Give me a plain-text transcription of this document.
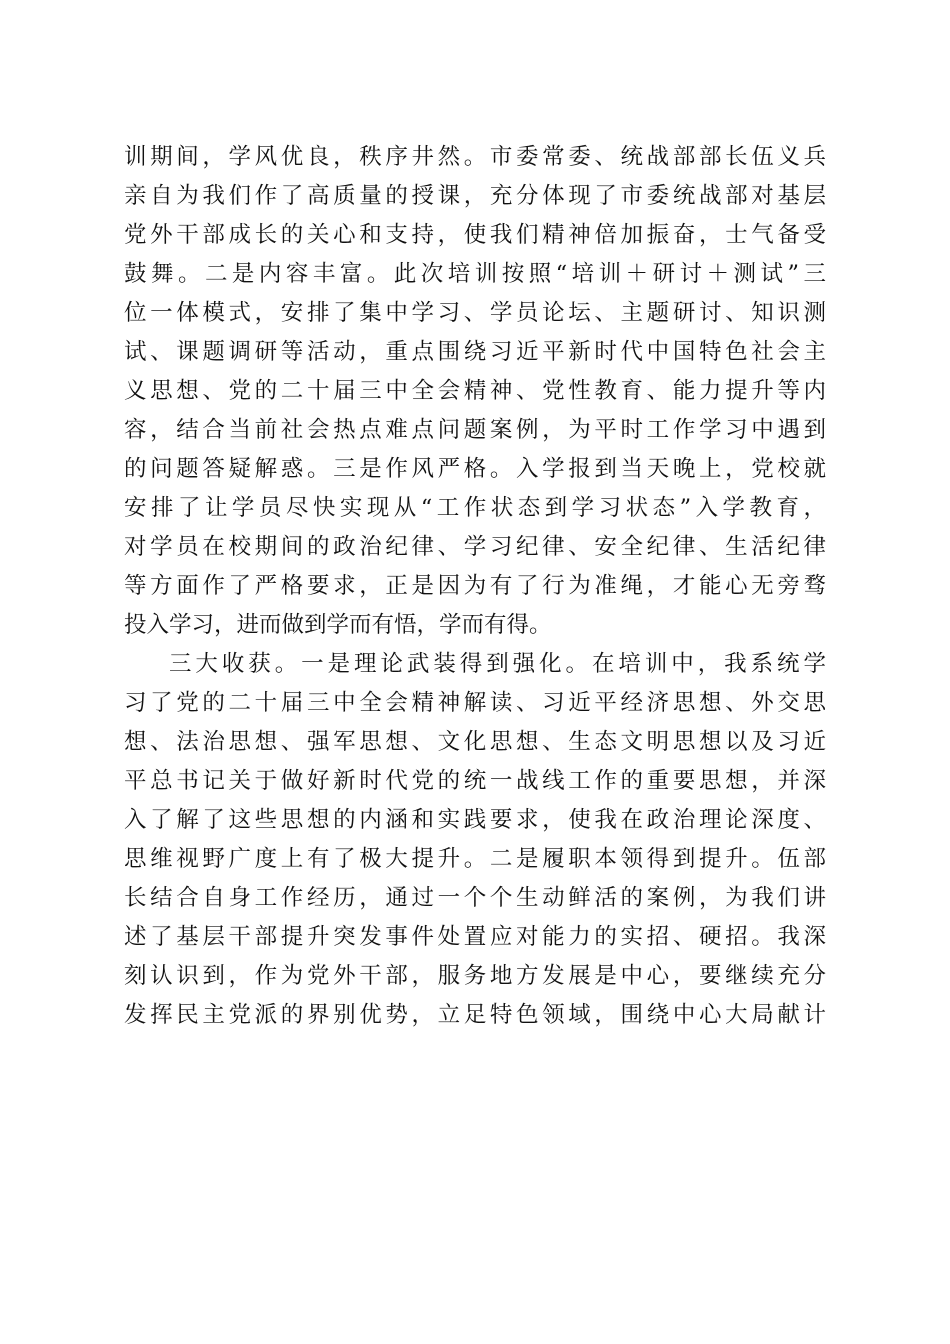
训期间，学风优良，秩序井然。市委常委、统战部部长伍义兵
亲自为我们作了高质量的授课，充分体现了市委统战部对基层
党外干部成长的关心和支持，使我们精神倍加振奋，士气备受
鼓舞。二是内容丰富。此次培训按照“培训＋研讨＋测试”三
位一体模式，安排了集中学习、学员论坛、主题研讨、知识测
试、课题调研等活动，重点围绕习近平新时代中国特色社会主
义思想、党的二十届三中全会精神、党性教育、能力提升等内
容，结合当前社会热点难点问题案例，为平时工作学习中遇到
的问题答疑解惑。三是作风严格。入学报到当天晚上，党校就
安排了让学员尽快实现从“工作状态到学习状态”入学教育，
对学员在校期间的政治纪律、学习纪律、安全纪律、生活纪律
等方面作了严格要求，正是因为有了行为准绳，才能心无旁骛
投入学习，进而做到学而有悟，学而有得。
三大收获。一是理论武装得到强化。在培训中，我系统学
习了党的二十届三中全会精神解读、习近平经济思想、外交思
想、法治思想、强军思想、文化思想、生态文明思想以及习近
平总书记关于做好新时代党的统一战线工作的重要思想，并深
入了解了这些思想的内涵和实践要求，使我在政治理论深度、
思维视野广度上有了极大提升。二是履职本领得到提升。伍部
长结合自身工作经历，通过一个个生动鲜活的案例，为我们讲
述了基层干部提升突发事件处置应对能力的实招、硬招。我深
刻认识到，作为党外干部，服务地方发展是中心，要继续充分
发挥民主党派的界别优势，立足特色领域，围绕中心大局献计
